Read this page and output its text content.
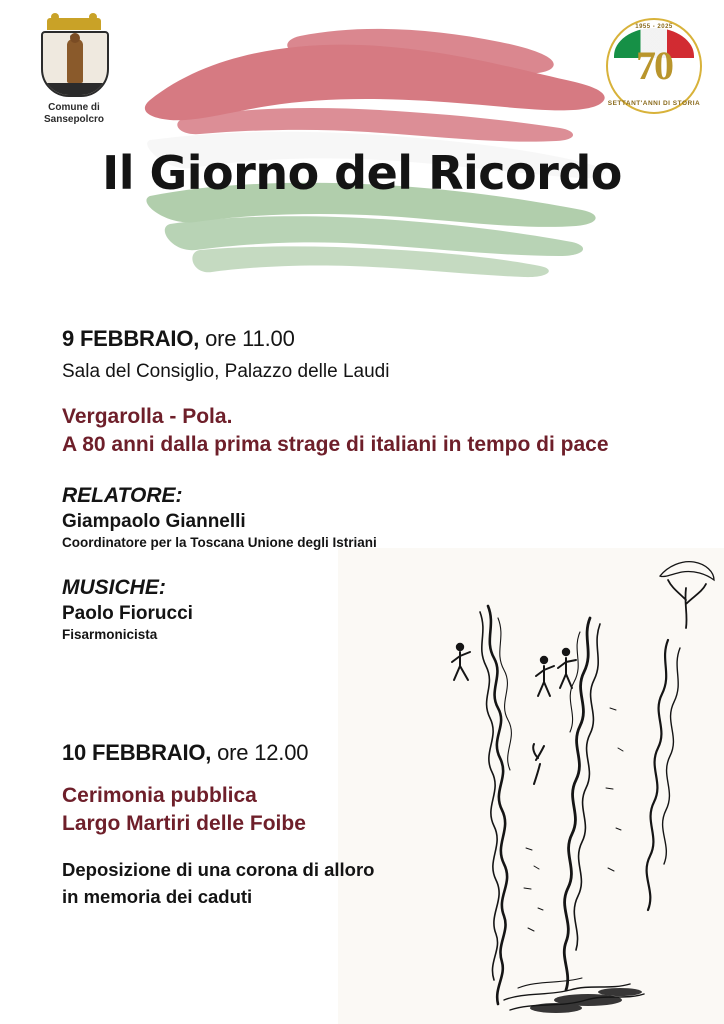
Comune di
Sansepolcro
1955 - 2025
70
SETTANT'ANNI DI STORIA
Il Giorno del Ricordo
9 FEBBRAIO, ore 11.00
Sala del Consiglio, Palazzo delle Laudi
Vergarolla - Pola.
A 80 anni dalla prima strage di italiani in tempo di pace
RELATORE:
Giampaolo Giannelli
Coordinatore per la Toscana Unione degli Istriani
MUSICHE:
Paolo Fiorucci
Fisarmonicista
10 FEBBRAIO, ore 12.00
Cerimonia pubblica
Largo Martiri delle Foibe
Deposizione di una corona di alloro
in memoria dei caduti
